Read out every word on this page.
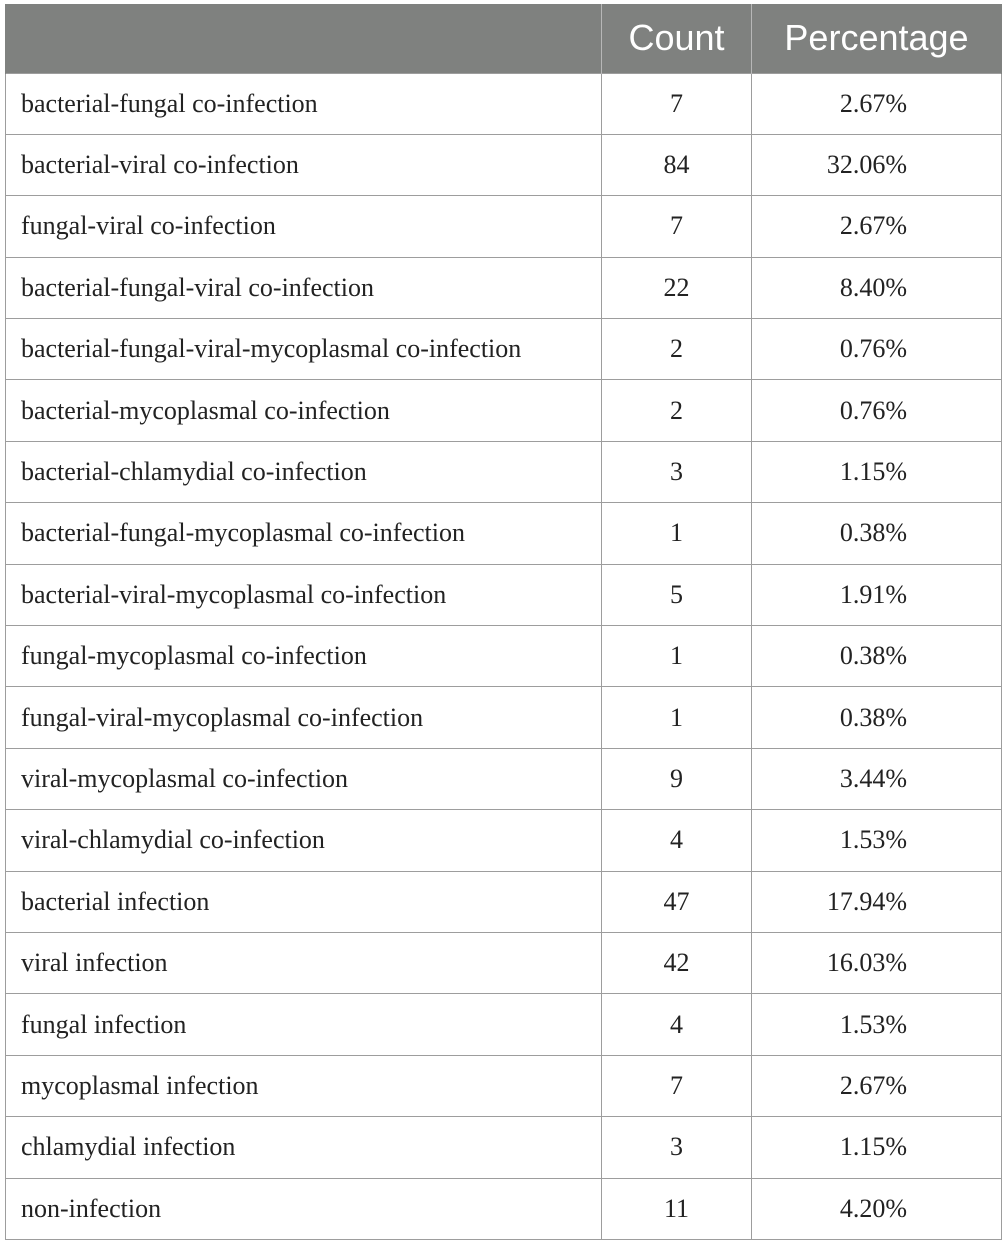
	Count	Percentage
bacterial-fungal co-infection	7	2.67%
bacterial-viral co-infection	84	32.06%
fungal-viral co-infection	7	2.67%
bacterial-fungal-viral co-infection	22	8.40%
bacterial-fungal-viral-mycoplasmal co-infection	2	0.76%
bacterial-mycoplasmal co-infection	2	0.76%
bacterial-chlamydial co-infection	3	1.15%
bacterial-fungal-mycoplasmal co-infection	1	0.38%
bacterial-viral-mycoplasmal co-infection	5	1.91%
fungal-mycoplasmal co-infection	1	0.38%
fungal-viral-mycoplasmal co-infection	1	0.38%
viral-mycoplasmal co-infection	9	3.44%
viral-chlamydial co-infection	4	1.53%
bacterial infection	47	17.94%
viral infection	42	16.03%
fungal infection	4	1.53%
mycoplasmal infection	7	2.67%
chlamydial infection	3	1.15%
non-infection	11	4.20%
